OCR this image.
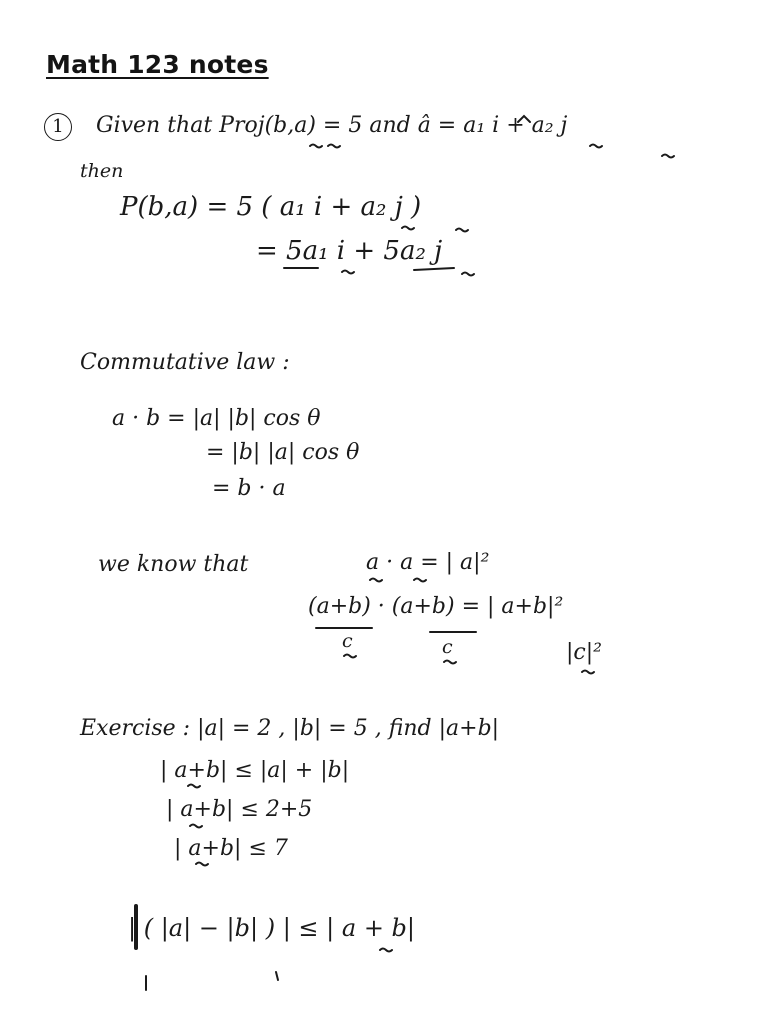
Math 123 notes
1	Given that Proj(b,a) = 5 and â = a₁ i + a₂ j
then
P(b,a) = 5 ( a₁ i + a₂ j )
= 5a₁ i + 5a₂ j
Commutative law :
a · b = |a| |b| cos θ
= |b| |a| cos θ
= b · a
we know that	a · a = | a|²
(a+b) · (a+b) = | a+b|²
c	c	|c|²
Exercise : |a| = 2 , |b| = 5 , find |a+b|
| a+b| ≤ |a| + |b|
| a+b| ≤ 2+5
| a+b| ≤ 7
| ( |a| − |b| ) | ≤ | a + b|
